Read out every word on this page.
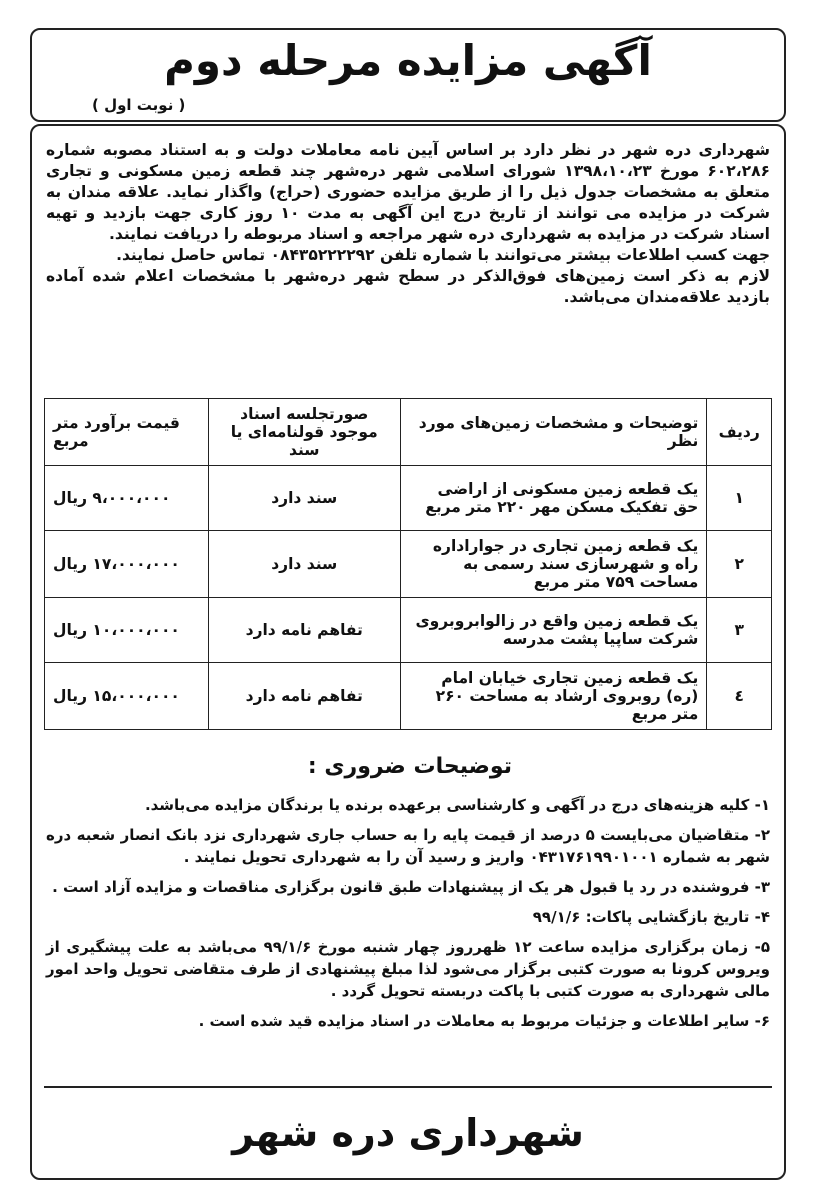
آگهی مزایده مرحله دوم
( نوبت اول )

شهرداری دره شهر در نظر دارد بر اساس آیین نامه معاملات دولت و به استناد مصوبه شماره ۶۰۲،۲۸۶ مورخ ۱۳۹۸،۱۰،۲۳ شورای اسلامی شهر دره‌شهر چند قطعه زمین مسکونی و تجاری متعلق به مشخصات جدول ذیل را از طریق مزایده حضوری (حراج) واگذار نماید. علاقه مندان به شرکت در مزایده می توانند از تاریخ درج این آگهی به مدت ۱۰ روز کاری جهت بازدید و تهیه اسناد شرکت در مزایده به شهرداری دره شهر مراجعه و اسناد مربوطه را دریافت نمایند.

جهت کسب اطلاعات بیشتر می‌توانند با شماره تلفن ۰۸۴۳۵۲۲۲۲۹۲ تماس حاصل نمایند.

لازم به ذکر است زمین‌های فوق‌الذکر در سطح شهر دره‌شهر با مشخصات اعلام شده آماده بازدید علاقه‌مندان می‌باشد.

ردیف	توضیحات و مشخصات زمین‌های مورد نظر	صورتجلسه اسناد موجود قولنامه‌ای یا سند	قیمت برآورد متر مربع
۱	یک قطعه زمین مسکونی از اراضی حق تفکیک مسکن مهر ۲۲۰ متر مربع	سند دارد	۹،۰۰۰،۰۰۰ ریال
۲	یک قطعه زمین تجاری در جواراداره راه و شهرسازی سند رسمی به مساحت ۷۵۹ متر مربع	سند دارد	۱۷،۰۰۰،۰۰۰ ریال
۳	یک قطعه زمین واقع در زالوابروبروی شرکت ساپیا پشت مدرسه	تفاهم نامه دارد	۱۰،۰۰۰،۰۰۰ ریال
٤	یک قطعه زمین تجاری خیابان امام (ره) روبروی ارشاد به مساحت ۲۶۰ متر مربع	تفاهم نامه دارد	۱۵،۰۰۰،۰۰۰ ریال
توضیحات ضروری :
۱- کلیه هزینه‌های درج در آگهی و کارشناسی برعهده برنده یا برندگان مزایده می‌باشد.
۲- متقاضیان می‌بایست ۵ درصد از قیمت پایه را به حساب جاری شهرداری نزد بانک انصار شعبه دره شهر به شماره ۰۴۳۱۷۶۱۹۹۰۱۰۰۱ واریز و رسید آن را به شهرداری تحویل نمایند .
۳- فروشنده در رد یا قبول هر یک از پیشنهادات طبق قانون برگزاری مناقصات و مزایده آزاد است .
۴- تاریخ بازگشایی پاکات: ۹۹/۱/۶
۵- زمان برگزاری مزایده ساعت ۱۲ ظهرروز چهار شنبه مورخ ۹۹/۱/۶ می‌باشد به علت پیشگیری از ویروس کرونا به صورت کتبی برگزار می‌شود لذا مبلغ پیشنهادی از طرف متقاضی تحویل واحد امور مالی شهرداری به صورت کتبی با پاکت دربسته تحویل گردد .
۶- سایر اطلاعات و جزئیات مربوط به معاملات در اسناد مزایده قید شده است .
شهرداری دره شهر
